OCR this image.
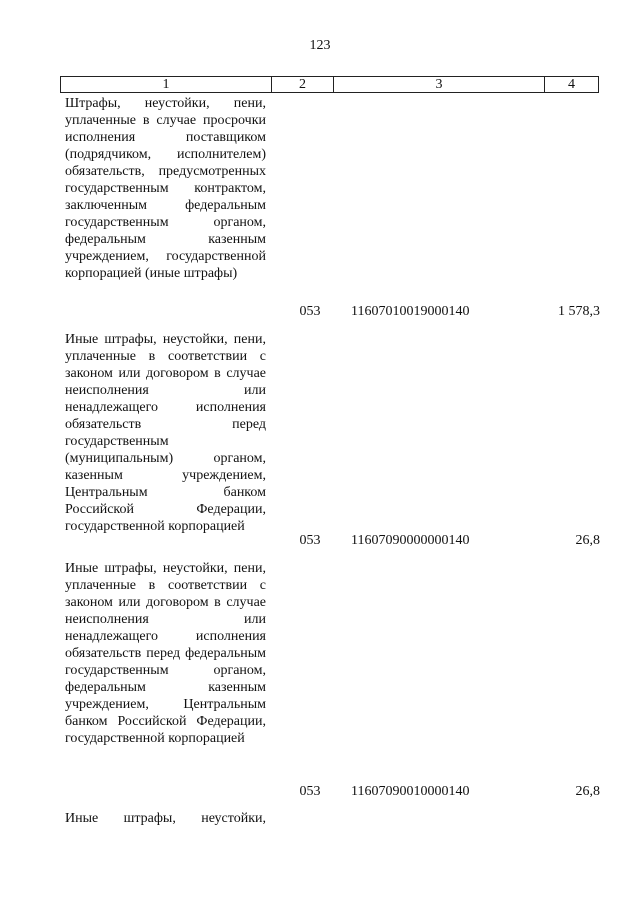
123
1	2	3	4
Штрафы, неустойки, пени, уплаченные в случае просрочки исполнения поставщиком (подрядчиком, исполнителем) обязательств, предусмотренных государственным контрактом, заключенным федеральным государственным органом, федеральным казенным учреждением, государственной корпорацией (иные штрафы)
053	11607010019000140	1 578,3
Иные штрафы, неустойки, пени, уплаченные в соответствии с законом или договором в случае неисполнения или ненадлежащего исполнения обязательств перед государственным (муниципальным) органом, казенным учреждением, Центральным банком Российской Федерации, государственной корпорацией
053	11607090000000140	26,8
Иные штрафы, неустойки, пени, уплаченные в соответствии с законом или договором в случае неисполнения или ненадлежащего исполнения обязательств перед федеральным государственным органом, федеральным казенным учреждением, Центральным банком Российской Федерации, государственной корпорацией
053	11607090010000140	26,8
Иные штрафы, неустойки,
